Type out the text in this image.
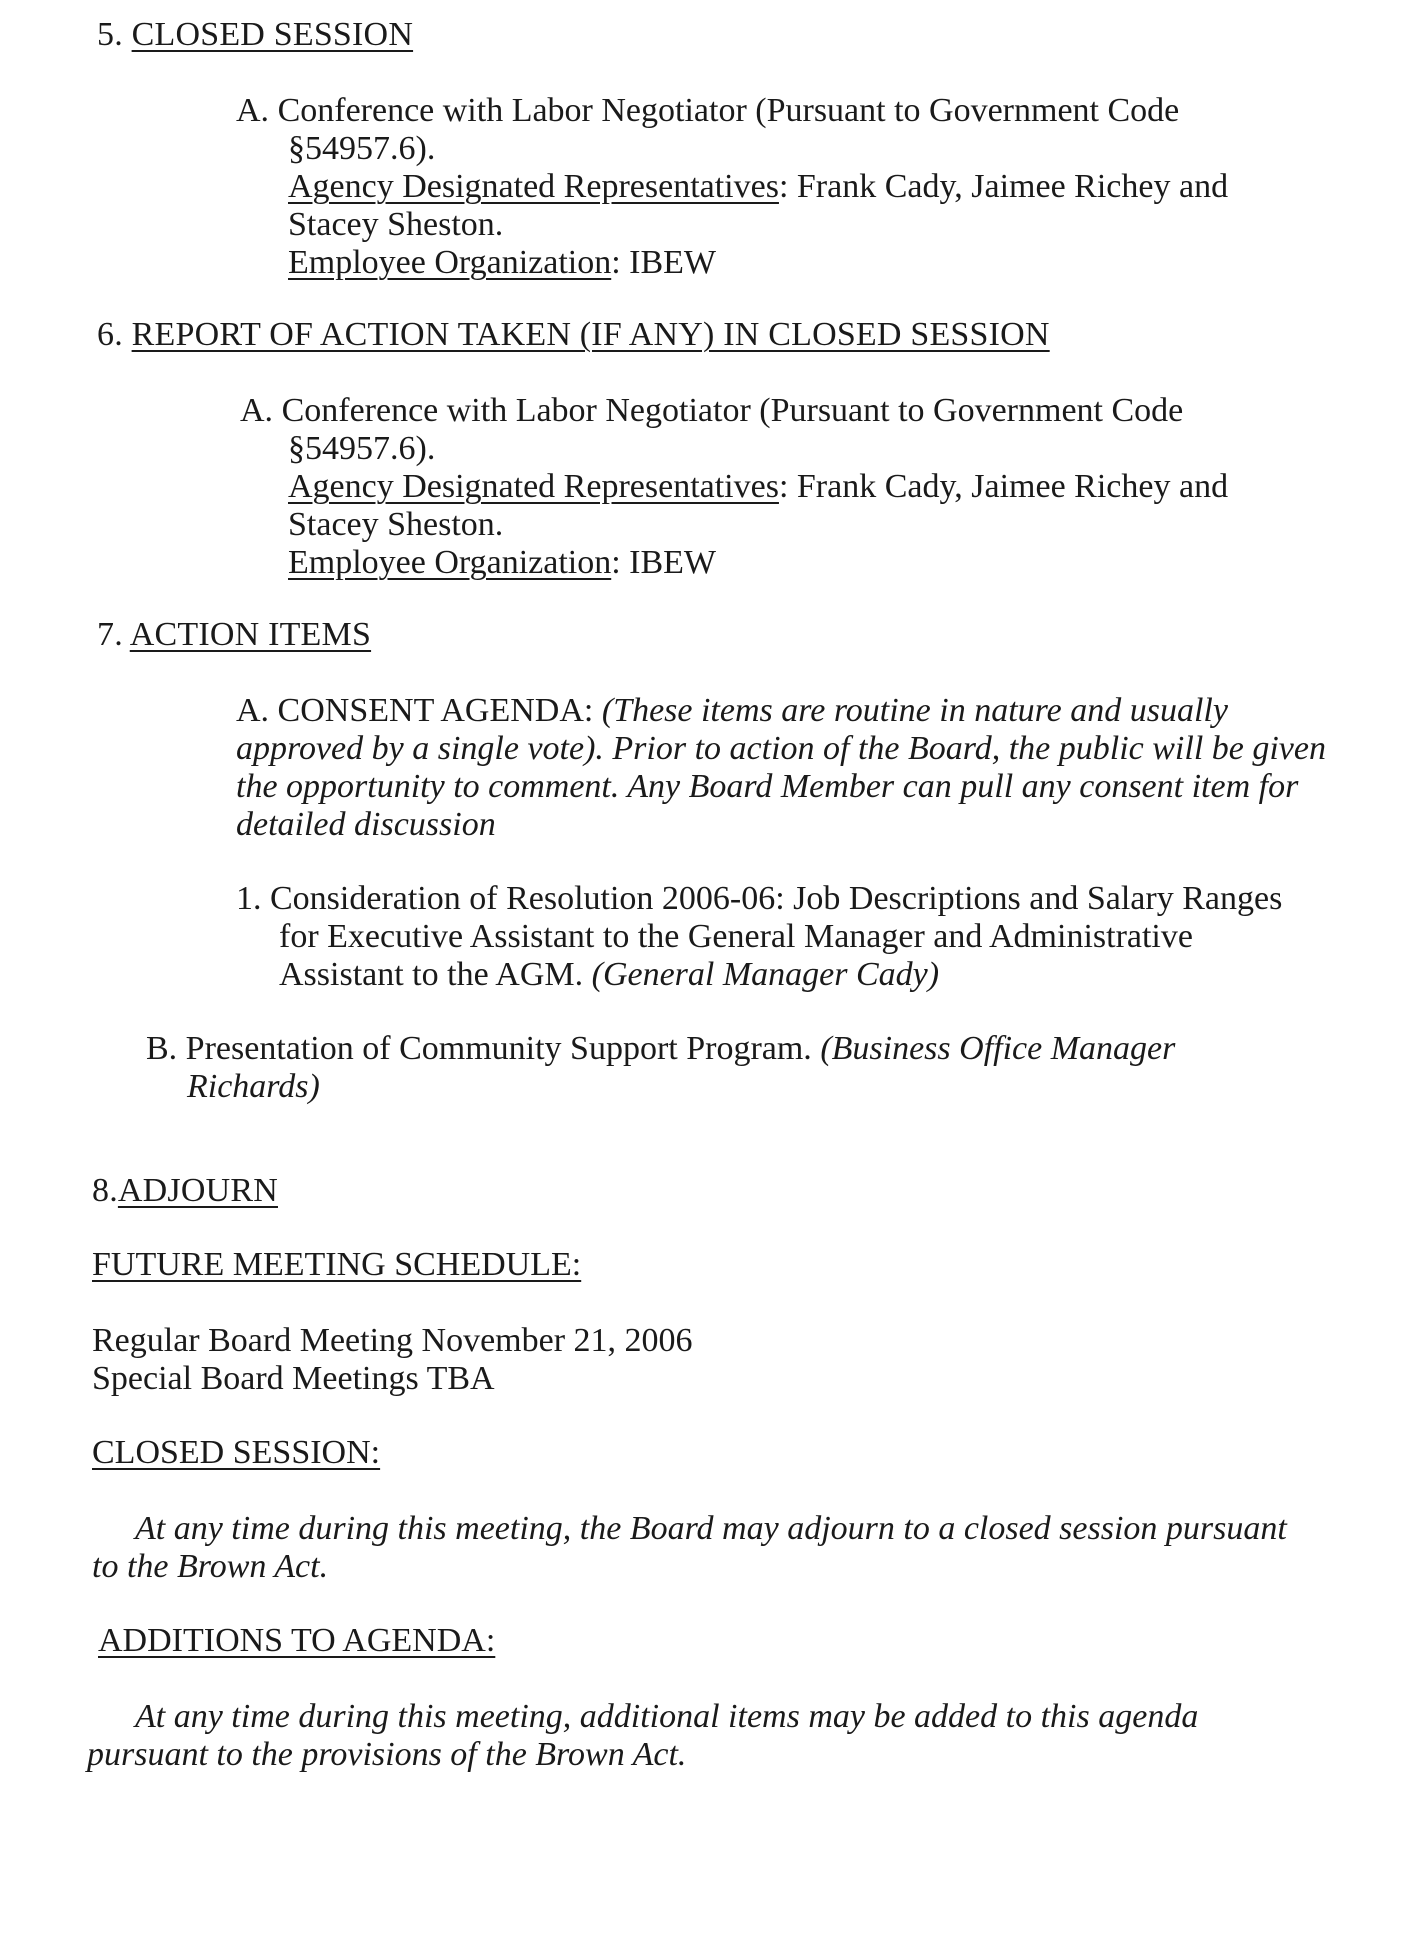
5. CLOSED SESSION
A. Conference with Labor Negotiator (Pursuant to Government Code
§54957.6).
Agency Designated Representatives: Frank Cady, Jaimee Richey and
Stacey Sheston.
Employee Organization: IBEW
6. REPORT OF ACTION TAKEN (IF ANY) IN CLOSED SESSION
A. Conference with Labor Negotiator (Pursuant to Government Code
§54957.6).
Agency Designated Representatives: Frank Cady, Jaimee Richey and
Stacey Sheston.
Employee Organization: IBEW
7. ACTION ITEMS
A. CONSENT AGENDA: (These items are routine in nature and usually
approved by a single vote). Prior to action of the Board, the public will be given
the opportunity to comment. Any Board Member can pull any consent item for
detailed discussion
1. Consideration of Resolution 2006-06: Job Descriptions and Salary Ranges
for Executive Assistant to the General Manager and Administrative
Assistant to the AGM. (General Manager Cady)
B. Presentation of Community Support Program. (Business Office Manager
Richards)
8.ADJOURN
FUTURE MEETING SCHEDULE:
Regular Board Meeting November 21, 2006
Special Board Meetings TBA
CLOSED SESSION:
At any time during this meeting, the Board may adjourn to a closed session pursuant
to the Brown Act.
ADDITIONS TO AGENDA:
At any time during this meeting, additional items may be added to this agenda
pursuant to the provisions of the Brown Act.
